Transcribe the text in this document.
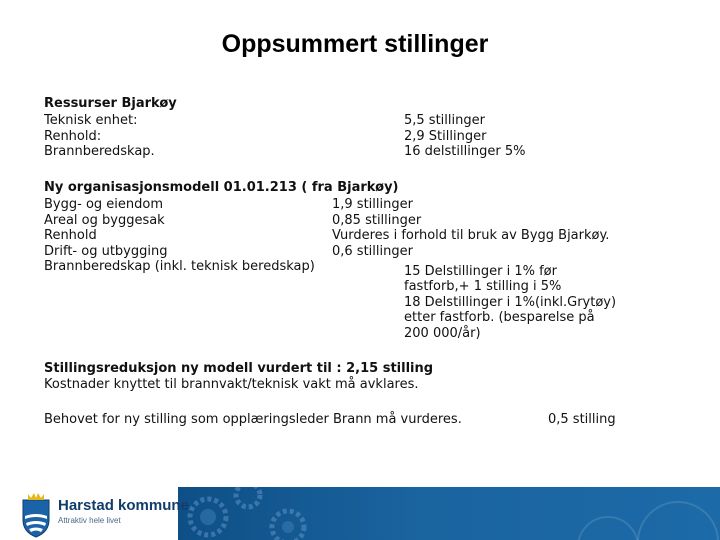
Oppsummert stillinger
Ressurser Bjarkøy
Teknisk enhet:
Renhold:
Brannberedskap.
5,5 stillinger
2,9 Stillinger
16 delstillinger 5%
Ny organisasjonsmodell 01.01.213 ( fra Bjarkøy)
Bygg- og eiendom
Areal og byggesak
Renhold
Drift- og utbygging
Brannberedskap (inkl. teknisk beredskap)
1,9 stillinger
0,85 stillinger
Vurderes i forhold til bruk av Bygg Bjarkøy.
0,6 stillinger
15 Delstillinger i 1% før
fastforb,+ 1 stilling i 5%
18 Delstillinger i 1%(inkl.Grytøy)
etter fastforb. (besparelse på
200 000/år)
Stillingsreduksjon ny modell vurdert til : 2,15 stilling
Kostnader knyttet til brannvakt/teknisk vakt må avklares.
Behovet for ny stilling som opplæringsleder Brann må vurderes.	0,5 stilling
Harstad kommune
Attraktiv hele livet
